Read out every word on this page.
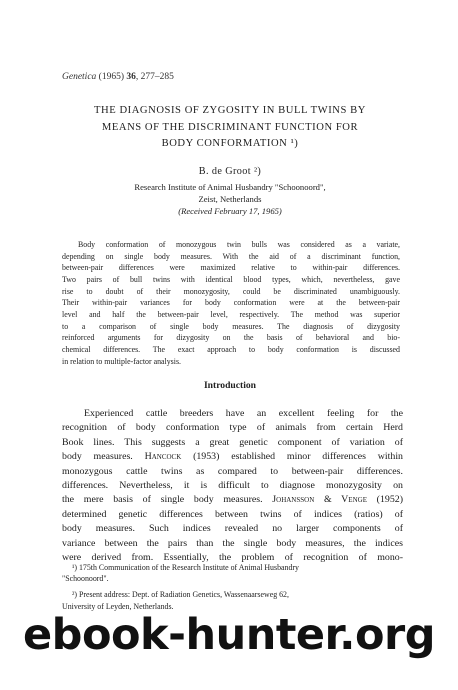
Genetica (1965) 36, 277–285
THE DIAGNOSIS OF ZYGOSITY IN BULL TWINS BY
MEANS OF THE DISCRIMINANT FUNCTION FOR
BODY CONFORMATION ¹)
B. de Groot ²)
Research Institute of Animal Husbandry "Schoonoord",
Zeist, Netherlands
(Received February 17, 1965)
Body conformation of monozygous twin bulls was considered as a variate,
depending on single body measures. With the aid of a discriminant function,
between-pair differences were maximized relative to within-pair differences.
Two pairs of bull twins with identical blood types, which, nevertheless, gave
rise to doubt of their monozygosity, could be discriminated unambiguously.
Their within-pair variances for body conformation were at the between-pair
level and half the between-pair level, respectively. The method was superior
to a comparison of single body measures. The diagnosis of dizygosity
reinforced arguments for dizygosity on the basis of behavioral and bio-
chemical differences. The exact approach to body conformation is discussed
in relation to multiple-factor analysis.
Introduction
Experienced cattle breeders have an excellent feeling for the
recognition of body conformation type of animals from certain Herd
Book lines. This suggests a great genetic component of variation of
body measures. Hancock (1953) established minor differences within
monozygous cattle twins as compared to between-pair differences.
differences. Nevertheless, it is difficult to diagnose monozygosity on
the mere basis of single body measures. Johansson & Venge (1952)
determined genetic differences between twins of indices (ratios) of
body measures. Such indices revealed no larger components of
variance between the pairs than the single body measures, the indices
were derived from. Essentially, the problem of recognition of mono-
¹) 175th Communication of the Research Institute of Animal Husbandry
"Schoonoord".
²) Present address: Dept. of Radiation Genetics, Wassenaarseweg 62,
University of Leyden, Netherlands.
ebook-hunter.org
